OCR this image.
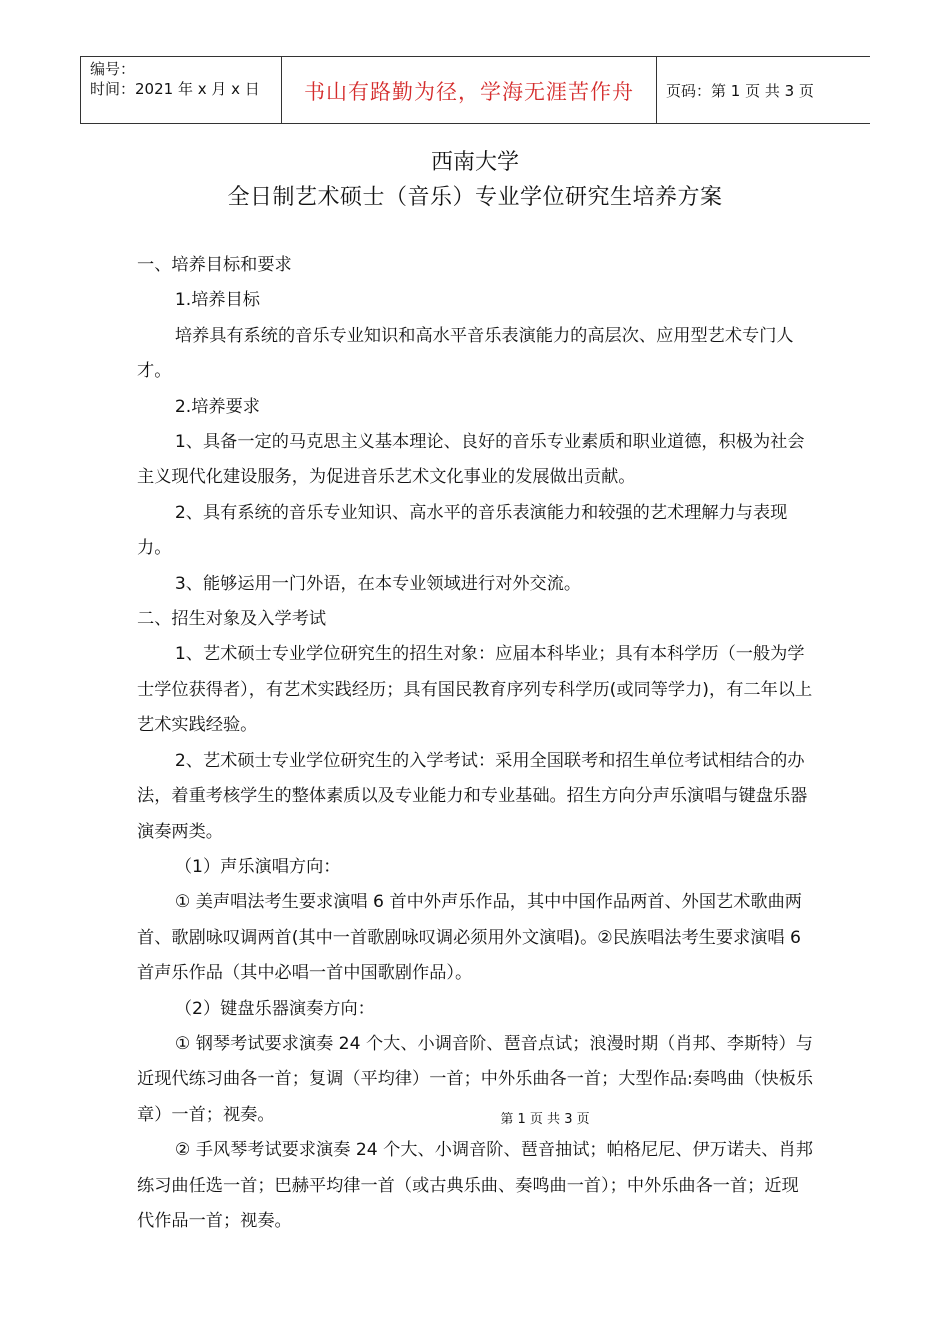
编号：
时间：2021 年 x 月 x 日	书山有路勤为径，学海无涯苦作舟 页码：第 1 页 共 3 页
西南大学
全日制艺术硕士（音乐）专业学位研究生培养方案

一、培养目标和要求

1.培养目标

培养具有系统的音乐专业知识和高水平音乐表演能力的高层次、应用型艺术专门人才。

2.培养要求

1、具备一定的马克思主义基本理论、良好的音乐专业素质和职业道德，积极为社会主义现代化建设服务，为促进音乐艺术文化事业的发展做出贡献。

2、具有系统的音乐专业知识、高水平的音乐表演能力和较强的艺术理解力与表现力。

3、能够运用一门外语，在本专业领域进行对外交流。

二、招生对象及入学考试

1、艺术硕士专业学位研究生的招生对象：应届本科毕业；具有本科学历（一般为学士学位获得者），有艺术实践经历；具有国民教育序列专科学历(或同等学力)，有二年以上艺术实践经验。

2、艺术硕士专业学位研究生的入学考试：采用全国联考和招生单位考试相结合的办法，着重考核学生的整体素质以及专业能力和专业基础。招生方向分声乐演唱与键盘乐器演奏两类。

（1）声乐演唱方向：

① 美声唱法考生要求演唱 6 首中外声乐作品，其中中国作品两首、外国艺术歌曲两首、歌剧咏叹调两首(其中一首歌剧咏叹调必须用外文演唱)。②民族唱法考生要求演唱 6 首声乐作品（其中必唱一首中国歌剧作品）。

（2）键盘乐器演奏方向：

① 钢琴考试要求演奏 24 个大、小调音阶、琶音点试；浪漫时期（肖邦、李斯特）与近现代练习曲各一首；复调（平均律）一首；中外乐曲各一首；大型作品:奏鸣曲（快板乐章）一首；视奏。

② 手风琴考试要求演奏 24 个大、小调音阶、琶音抽试；帕格尼尼、伊万诺夫、肖邦练习曲任选一首；巴赫平均律一首（或古典乐曲、奏鸣曲一首）；中外乐曲各一首；近现代作品一首；视奏。

第 1 页 共 3 页
